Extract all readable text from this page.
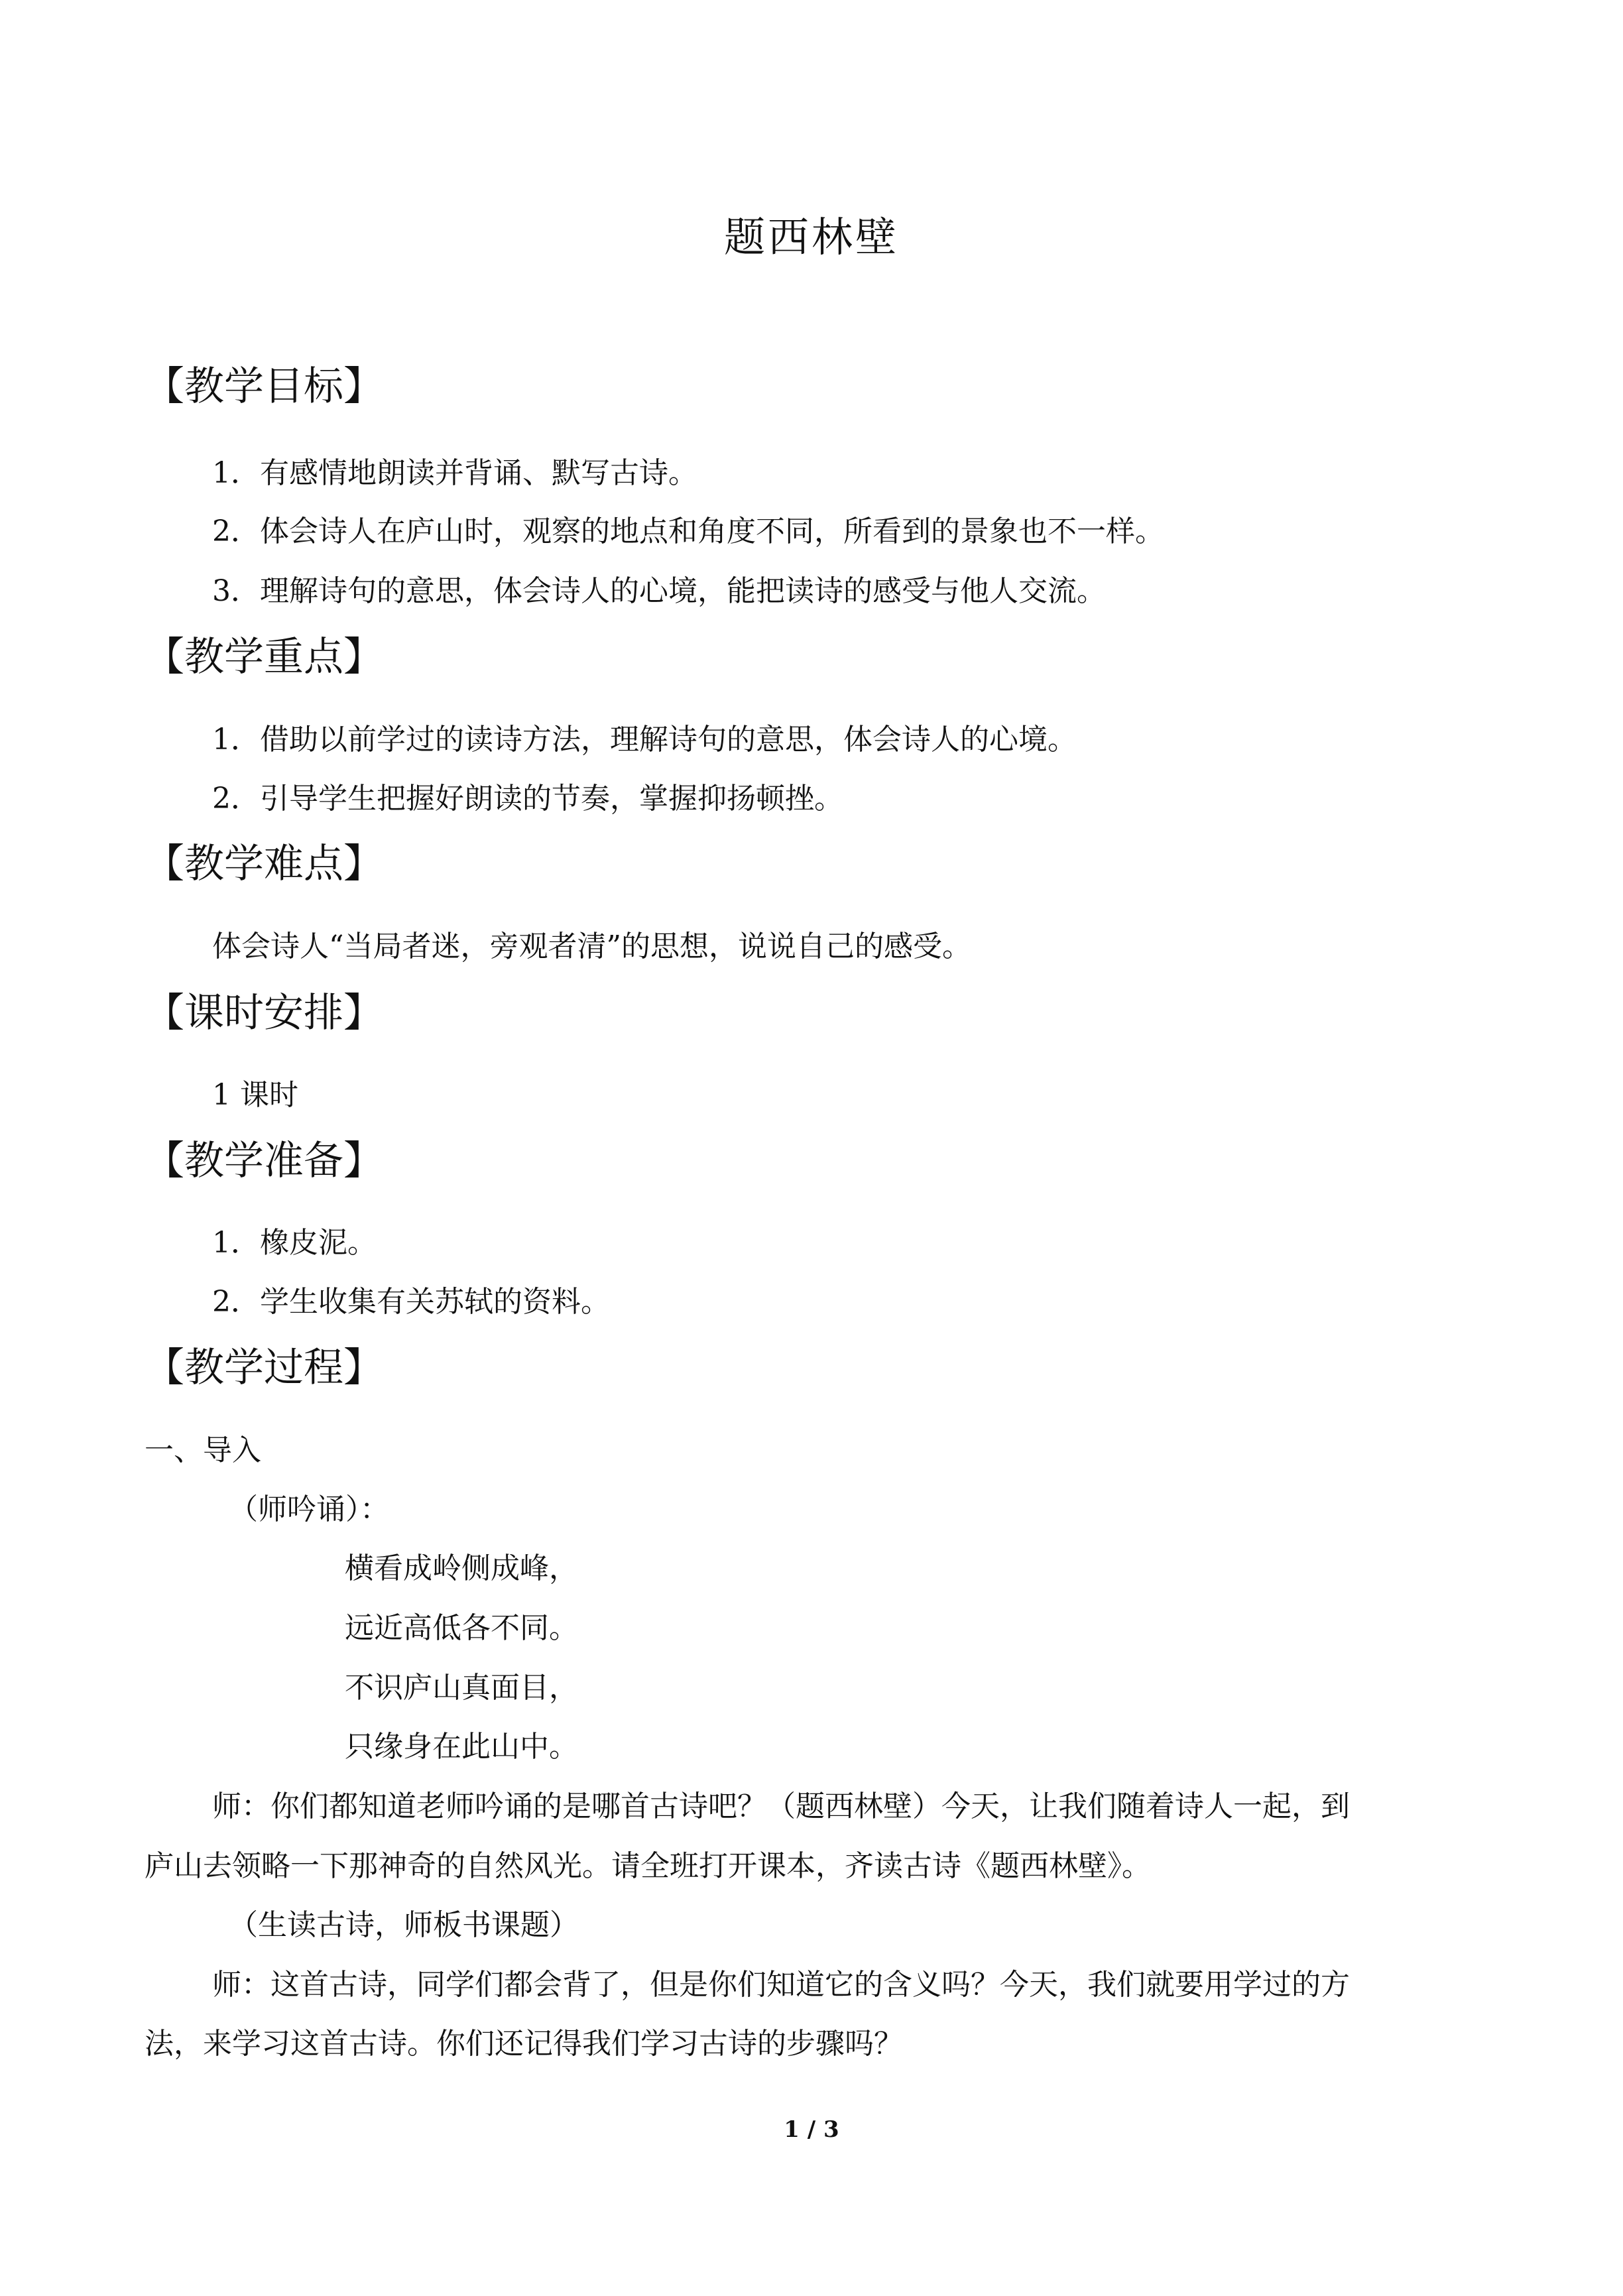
题西林壁
【教学目标】
1．有感情地朗读并背诵、默写古诗。
2．体会诗人在庐山时，观察的地点和角度不同，所看到的景象也不一样。
3．理解诗句的意思，体会诗人的心境，能把读诗的感受与他人交流。
【教学重点】
1．借助以前学过的读诗方法，理解诗句的意思，体会诗人的心境。
2．引导学生把握好朗读的节奏，掌握抑扬顿挫。
【教学难点】
体会诗人“当局者迷，旁观者清”的思想，说说自己的感受。
【课时安排】
1 课时
【教学准备】
1．橡皮泥。
2．学生收集有关苏轼的资料。
【教学过程】
一、导入
（师吟诵）：
横看成岭侧成峰，
远近高低各不同。
不识庐山真面目，
只缘身在此山中。
师：你们都知道老师吟诵的是哪首古诗吧？（题西林壁）今天，让我们随着诗人一起，到
庐山去领略一下那神奇的自然风光。请全班打开课本，齐读古诗《题西林壁》。
（生读古诗，师板书课题）
师：这首古诗，同学们都会背了，但是你们知道它的含义吗？今天，我们就要用学过的方
法，来学习这首古诗。你们还记得我们学习古诗的步骤吗？
1 / 3
